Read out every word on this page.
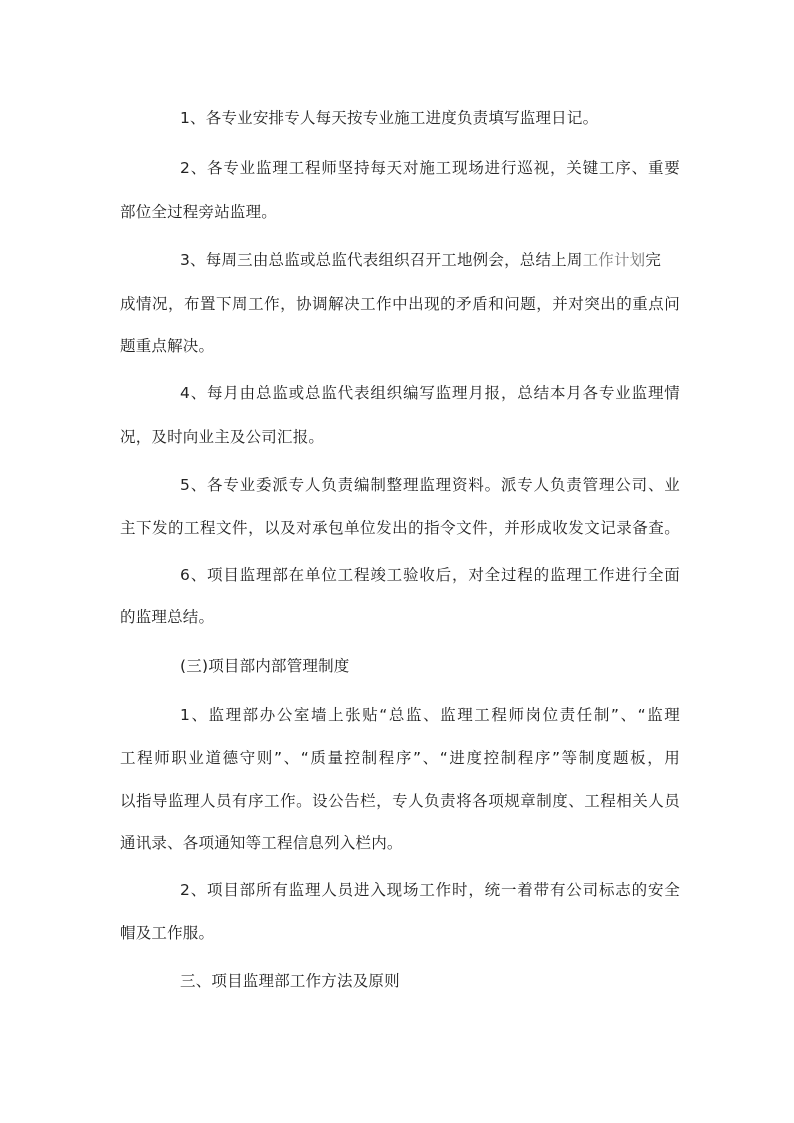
1、各专业安排专人每天按专业施工进度负责填写监理日记。
2、各专业监理工程师坚持每天对施工现场进行巡视，关键工序、重要
部位全过程旁站监理。
3、每周三由总监或总监代表组织召开工地例会，总结上周工作计划完
成情况，布置下周工作，协调解决工作中出现的矛盾和问题，并对突出的重点问
题重点解决。
4、每月由总监或总监代表组织编写监理月报，总结本月各专业监理情
况，及时向业主及公司汇报。
5、各专业委派专人负责编制整理监理资料。派专人负责管理公司、业
主下发的工程文件，以及对承包单位发出的指令文件，并形成收发文记录备查。
6、项目监理部在单位工程竣工验收后，对全过程的监理工作进行全面
的监理总结。
(三)项目部内部管理制度
1、监理部办公室墙上张贴“总监、监理工程师岗位责任制”、“监理
工程师职业道德守则”、“质量控制程序”、“进度控制程序”等制度题板，用
以指导监理人员有序工作。设公告栏，专人负责将各项规章制度、工程相关人员
通讯录、各项通知等工程信息列入栏内。
2、项目部所有监理人员进入现场工作时，统一着带有公司标志的安全
帽及工作服。
三、项目监理部工作方法及原则
